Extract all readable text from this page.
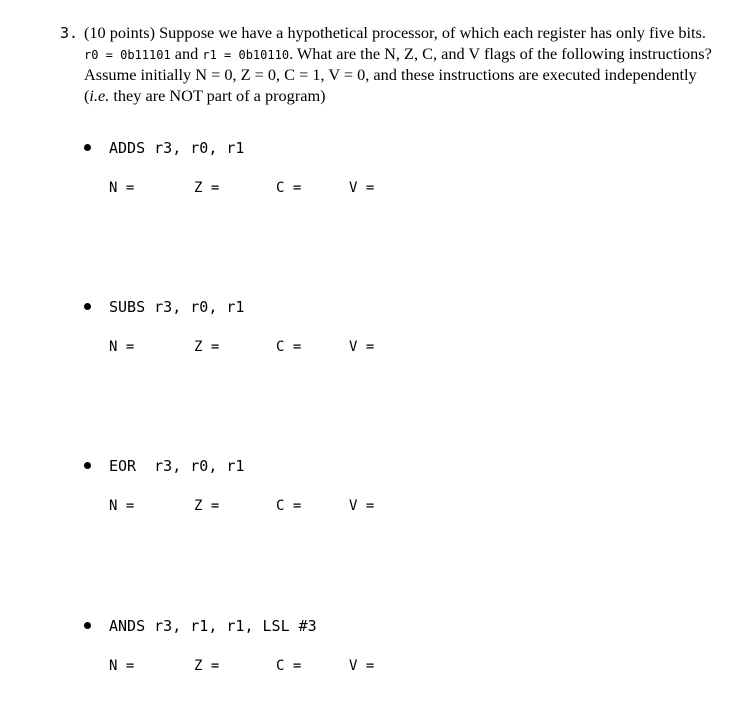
3. (10 points) Suppose we have a hypothetical processor, of which each register has only five bits.
r0 = 0b11101 and r1 = 0b10110. What are the N, Z, C, and V flags of the following instructions?
Assume initially N = 0, Z = 0, C = 1, V = 0, and these instructions are executed independently
(i.e. they are NOT part of a program)
ADDS r3, r0, r1
N =	Z =	C =	V =
SUBS r3, r0, r1
N =	Z =	C =	V =
EOR  r3, r0, r1
N =	Z =	C =	V =
ANDS r3, r1, r1, LSL #3
N =	Z =	C =	V =
